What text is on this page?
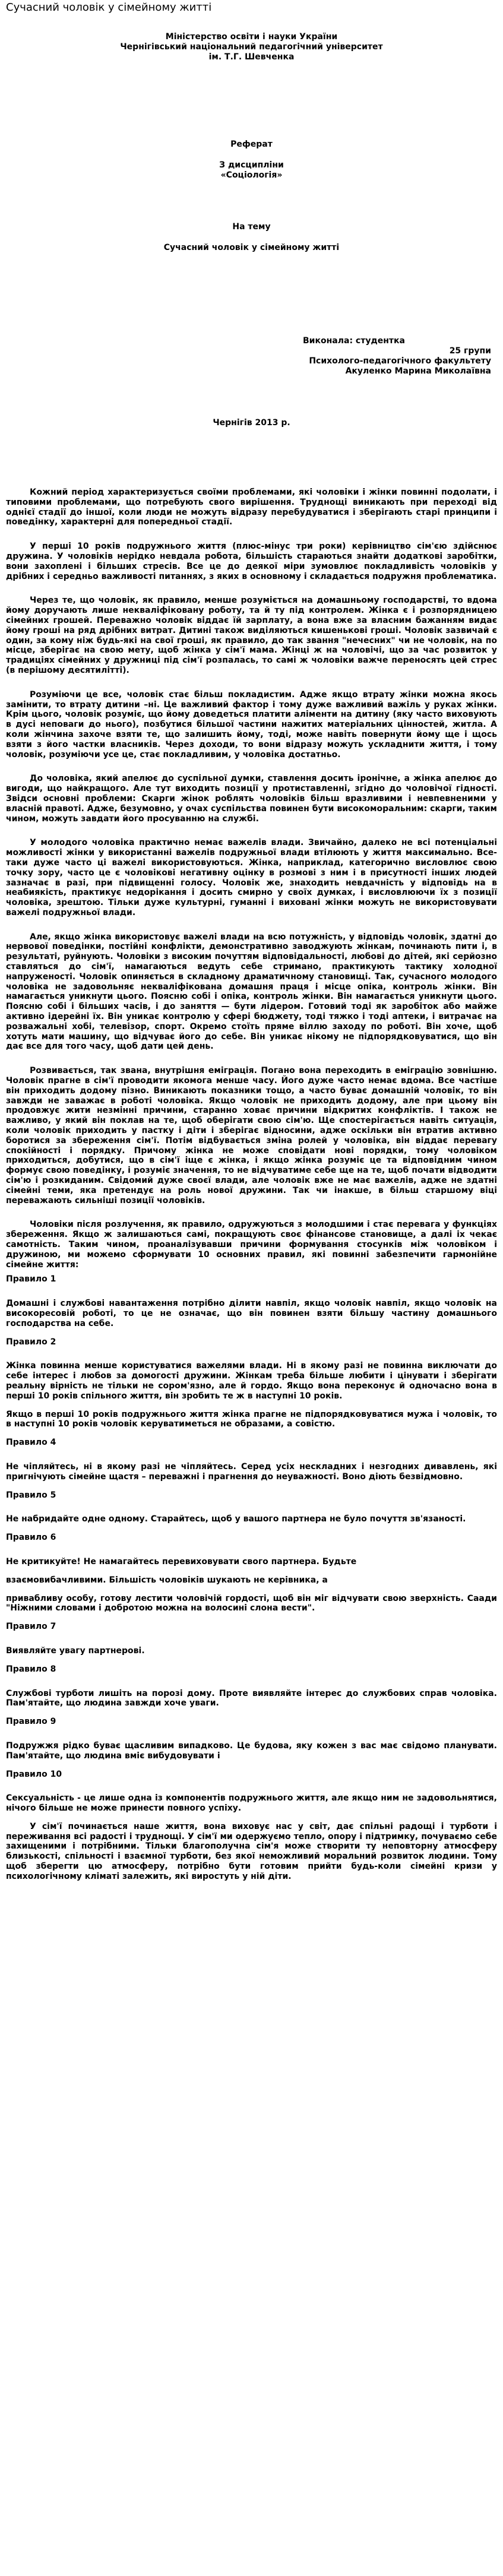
Сучасний чоловік у сімейному житті
Міністерство освіти і науки України
Чернігівський національний педагогічний університет
ім. Т.Г. Шевченка
Реферат
З дисципліни
«Соціологія»
На тему
Сучасний чоловік у сімейному житті
Виконала: студентка
25 групи
Психолого-педагогічного факультету
Акуленко Марина Миколаївна
Чернігів 2013 р.

Кожний період характеризується своїми проблемами, які чоловіки і жінки повинні подолати, і типовими проблемами, що потребують свого вирішення. Труднощі виникають при переході від однієї стадії до іншої, коли люди не можуть відразу перебудуватися і зберігають старі принципи і поведінку, характерні для попередньої стадії.

У перші 10 років подружнього життя (плюс-мінус три роки) керівництво сім'єю здійснює дружина. У чоловіків нерідко невдала робота, більшість стараються знайти додаткові заробітки, вони захоплені і більших стресів. Все це до деякої міри зумовлює покладливість чоловіків у дрібних і середньо важливості питаннях, з яких в основному і складається подружня проблематика.

Через те, що чоловік, як правило, менше розуміється на домашньому господарстві, то вдома йому доручають лише некваліфіковану роботу, та й ту під контролем. Жінка є і розпорядницею сімейних грошей. Переважно чоловік віддає їй зарплату, а вона вже за власним бажанням видає йому гроші на ряд дрібних витрат. Дитині також виділяються кишенькові гроші. Чоловік зазвичай є один, за кому ніж будь-які на свої гроші, як правило, до так звання "нечесних" чи не чоловік, на по місце, зберігає на свою мету, щоб жінка у сім'ї мама. Жінці ж на чоловічі, що за час розвиток у традиціях сімейних у дружниці під сім'ї розпалась, то самі ж чоловіки важче переносять цей стрес (в перішому десятилітті).

Розуміючи це все, чоловік стає більш покладистим. Адже якщо втрату жінки можна якось замінити, то втрату дитини –ні. Це важливий фактор і тому дуже важливий важіль у руках жінки. Крім цього, чоловік розуміє, що йому доведеться платити аліменти на дитину (яку часто виховують в дусі неповаги до нього), позбутися більшої частини нажитих матеріальних цінностей, житла. А коли жінчина захоче взяти те, що залишить йому, тоді, може навіть повернути йому ще і щось взяти з його частки власників. Через доходи, то вони відразу можуть ускладнити життя, і тому чоловік, розуміючи усе це, стає покладливим, у чоловіка достатньо.

До чоловіка, який апелює до суспільної думки, ставлення досить іронічне, а жінка апелює до вигоди, що найкращого. Але тут виходить позиції у протиставленні, згідно до чоловічої гідності. Звідси основні проблеми: Скарги жінок роблять чоловіків більш вразливими і невпевненими у власній правоті. Адже, безумовно, у очах суспільства повинен бути високоморальним: скарги, таким чином, можуть завдати його просуванню на службі.

У молодого чоловіка практично немає важелів влади. Звичайно, далеко не всі потенціальні можливості жінки у використанні важелів подружньої влади втілюють у життя максимально. Все-таки дуже часто ці важелі використовуються. Жінка, наприклад, категорично висловлює свою точку зору, часто це є чоловікові негативну оцінку в розмові з ним і в присутності інших людей зазначає в разі, при підвищенні голосу. Чоловік же, знаходить невдачність у відповідь на в неабиякість, практикує недорікання і досить смирно у своїх думках, і висловлюючи їх з позиції чоловіка, зрештою. Тільки дуже культурні, гуманні і виховані жінки можуть не використовувати важелі подружньої влади.

Але, якщо жінка використовує важелі влади на всю потужність, у відповідь чоловік, здатні до нервової поведінки, постійні конфлікти, демонстративно заводжують жінкам, починають пити і, в результаті, руйнують. Чоловіки з високим почуттям відповідальності, любові до дітей, які серйозно ставляться до сім'ї, намагаються ведуть себе стримано, практикують тактику холодної напруженості. Чоловік опиняється в складному драматичному становищі. Так, сучасного молодого чоловіка не задовольняє некваліфікована домашня праця і місце опіка, контроль жінки. Він намагається уникнути цього. Поясню собі і опіка, контроль жінки. Він намагається уникнути цього. Поясню собі і більших часів, і до заняття — бути лідером. Готовий тоді як заробіток або майже активно ідерейні їх. Він уникає контролю у сфері бюджету, тоді тяжко і тоді аптеки, і витрачає на розважальні хобі, телевізор, спорт. Окремо стоїть пряме віллю заходу по роботі. Він хоче, щоб хотуть мати машину, що відчуває його до себе. Він уникає нікому не підпорядковуватися, що він дає все для того часу, щоб дати цей день.

Розвивається, так звана, внутрішня еміграція. Погано вона переходить в еміграцію зовнішню. Чоловік прагне в сім'ї проводити якомога менше часу. Його дуже часто немає вдома. Все частіше він приходить додому пізно. Виникають показники тощо, а часто буває домашній чоловік, то він завжди не заважає в роботі чоловіка. Якщо чоловік не приходить додому, але при цьому він продовжує жити незмінні причини, старанно ховає причини відкритих конфліктів. І також не важливо, у який він поклав на те, щоб оберігати свою сім'ю. Ще спостерігається навіть ситуація, коли чоловік приходить у пастку і діти і зберігає відносини, адже оскільки він втратив активно боротися за збереження сім'ї. Потім відбувається зміна ролей у чоловіка, він віддає перевагу спокійності і порядку. Причому жінка не може сповідати нові порядки, тому чоловіком приходиться, добутися, що в сім'ї іще є жінка, і якщо жінка розуміє це та відповідним чином формує свою поведінку, і розуміє значення, то не відчуватиме себе ще на те, щоб почати відводити сім'ю і розкиданим. Свідомий дуже своєї влади, але чоловік вже не має важелів, адже не здатні сімейні теми, яка претендує на роль нової дружини. Так чи інакше, в більш старшому віці переважають сильніші позиції чоловіків.

Чоловіки після розлучення, як правило, одружуються з молодшими і стає перевага у функціях збереження. Якщо ж залишаються самі, покращують своє фінансове становище, а далі іх чекає самотність. Таким чином, проаналізувавши причини формування стосунків між чоловіком і дружиною, ми можемо сформувати 10 основних правил, які повинні забезпечити гармонійне сімейне життя:

Правило 1

Домашні і службові навантаження потрібно ділити навпіл, якщо чоловік навпіл, якщо чоловік на високоресовій роботі, то це не означає, що він повинен взяти більшу частину домашнього господарства на себе.

Правило 2

Жінка повинна менше користуватися важелями влади. Ні в якому разі не повинна виключати до себе інтерес і любов за домогості дружини. Жінкам треба більше любити і цінувати і зберігати реальну вірність не тільки не сором'язно, але й гордо. Якщо вона переконує й одночасно вона в перші 10 років спільного життя, він зробить те ж в наступні 10 років.

Якщо в перші 10 років подружнього життя жінка прагне не підпорядковуватися мужа і чоловік, то в наступні 10 років чоловік керуватиметься не образами, а совістю.

Правило 4

Не чіпляйтесь, ні в якому разі не чіпляйтесь. Серед усіх нескладних і незгодних дивавлень, які пригнічують сімейне щастя – переважні і прагнення до неуважності. Воно діють безвідмовно.

Правило 5

Не набридайте одне одному. Старайтесь, щоб у вашого партнера не було почуття зв'язаності.

Правило 6

Не критикуйте! Не намагайтесь перевиховувати свого партнера. Будьте

взаємовибачливими. Більшість чоловіків шукають не керівника, а

привабливу особу, готову лестити чоловічій гордості, щоб він міг відчувати свою зверхність. Саади "Ніжними словами і добротою можна на волосині слона вести".

Правило 7

Виявляйте увагу партнерові.

Правило 8

Службові турботи лишіть на порозі дому. Проте виявляйте інтерес до службових справ чоловіка. Пам'ятайте, що людина завжди хоче уваги.

Правило 9

Подружжя рідко буває щасливим випадково. Це будова, яку кожен з вас має свідомо планувати. Пам'ятайте, що людина вміє вибудовувати і

Правило 10

Сексуальність - це лише одна із компонентів подружнього життя, але якщо ним не задовольнятися, нічого більше не може принести повного успіху.

У сім'ї починається наше життя, вона виховує нас у світ, дає спільні радощі і турботи і переживання всі радості і труднощі. У сім'ї ми одержуємо тепло, опору і підтримку, почуваємо себе захищеними і потрібними. Тільки благополучна сім'я може створити ту неповторну атмосферу близькості, спільності і взаємної турботи, без якої неможливий моральний розвиток людини. Тому щоб зберегти цю атмосферу, потрібно бути готовим прийти будь-коли сімейні кризи у психологічному кліматі залежить, які виростуть у ній діти.
